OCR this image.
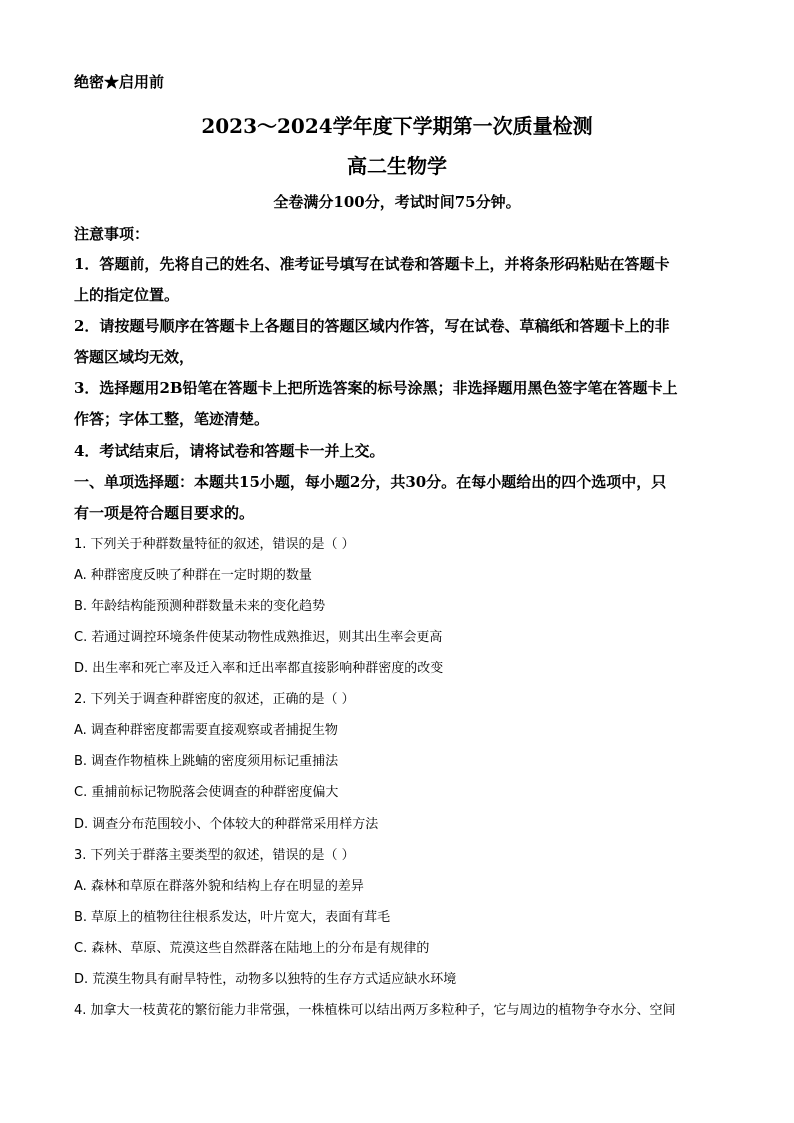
绝密★启用前
2023～2024学年度下学期第一次质量检测
高二生物学
全卷满分100分，考试时间75分钟。
注意事项：
1．答题前，先将自己的姓名、准考证号填写在试卷和答题卡上，并将条形码粘贴在答题卡
上的指定位置。
2．请按题号顺序在答题卡上各题目的答题区域内作答，写在试卷、草稿纸和答题卡上的非
答题区域均无效，
3．选择题用2B铅笔在答题卡上把所选答案的标号涂黑；非选择题用黑色签字笔在答题卡上
作答；字体工整，笔迹清楚。
4．考试结束后，请将试卷和答题卡一并上交。
一、单项选择题：本题共15小题，每小题2分，共30分。在每小题给出的四个选项中，只
有一项是符合题目要求的。
1. 下列关于种群数量特征的叙述，错误的是（ ）
A. 种群密度反映了种群在一定时期的数量
B. 年龄结构能预测种群数量未来的变化趋势
C. 若通过调控环境条件使某动物性成熟推迟，则其出生率会更高
D. 出生率和死亡率及迁入率和迁出率都直接影响种群密度的改变
2. 下列关于调查种群密度的叙述，正确的是（ ）
A. 调查种群密度都需要直接观察或者捕捉生物
B. 调查作物植株上跳蝻的密度须用标记重捕法
C. 重捕前标记物脱落会使调查的种群密度偏大
D. 调查分布范围较小、个体较大的种群常采用样方法
3. 下列关于群落主要类型的叙述，错误的是（ ）
A. 森林和草原在群落外貌和结构上存在明显的差异
B. 草原上的植物往往根系发达，叶片宽大，表面有茸毛
C. 森林、草原、荒漠这些自然群落在陆地上的分布是有规律的
D. 荒漠生物具有耐旱特性，动物多以独特的生存方式适应缺水环境
4. 加拿大一枝黄花的繁衍能力非常强，一株植株可以结出两万多粒种子，它与周边的植物争夺水分、空间
